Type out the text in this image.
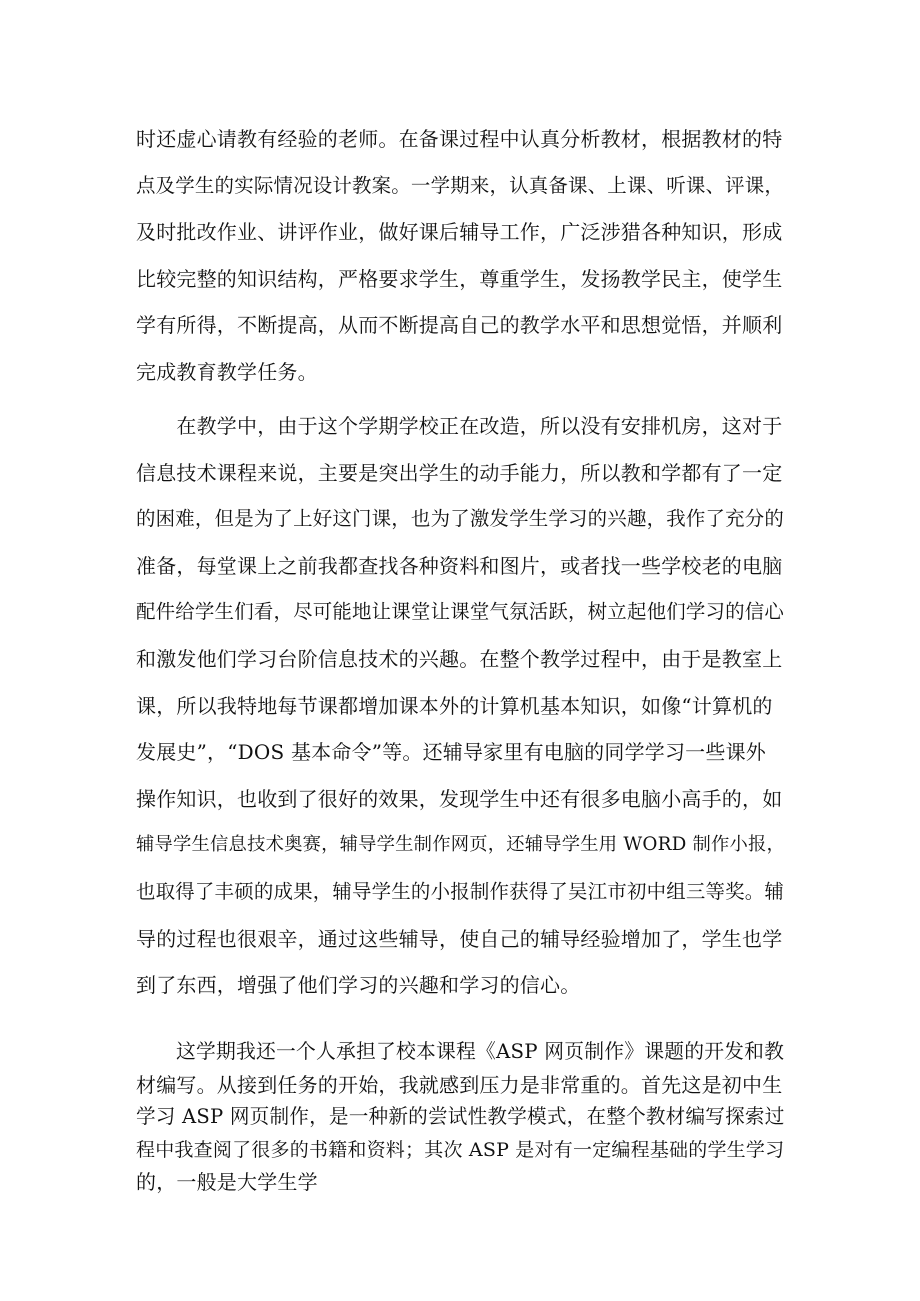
时还虚心请教有经验的老师。在备课过程中认真分析教材，根据教材的特
点及学生的实际情况设计教案。一学期来，认真备课、上课、听课、评课，
及时批改作业、讲评作业，做好课后辅导工作，广泛涉猎各种知识，形成
比较完整的知识结构，严格要求学生，尊重学生，发扬教学民主，使学生
学有所得，不断提高，从而不断提高自己的教学水平和思想觉悟，并顺利
完成教育教学任务。
　　在教学中，由于这个学期学校正在改造，所以没有安排机房，这对于
信息技术课程来说，主要是突出学生的动手能力，所以教和学都有了一定
的困难，但是为了上好这门课，也为了激发学生学习的兴趣，我作了充分的
准备，每堂课上之前我都查找各种资料和图片，或者找一些学校老的电脑
配件给学生们看，尽可能地让课堂让课堂气氛活跃，树立起他们学习的信心
和激发他们学习台阶信息技术的兴趣。在整个教学过程中，由于是教室上
课，所以我特地每节课都增加课本外的计算机基本知识，如像“计算机的
发展史”，“DOS 基本命令”等。还辅导家里有电脑的同学学习一些课外
操作知识，也收到了很好的效果，发现学生中还有很多电脑小高手的，如
辅导学生信息技术奥赛，辅导学生制作网页，还辅导学生用 WORD 制作小报，
也取得了丰硕的成果，辅导学生的小报制作获得了吴江市初中组三等奖。辅
导的过程也很艰辛，通过这些辅导，使自己的辅导经验增加了，学生也学
到了东西，增强了他们学习的兴趣和学习的信心。
　　这学期我还一个人承担了校本课程《ASP 网页制作》课题的开发和教
材编写。从接到任务的开始，我就感到压力是非常重的。首先这是初中生
学习 ASP 网页制作，是一种新的尝试性教学模式，在整个教材编写探索过
程中我查阅了很多的书籍和资料；其次 ASP 是对有一定编程基础的学生学习
的，一般是大学生学
